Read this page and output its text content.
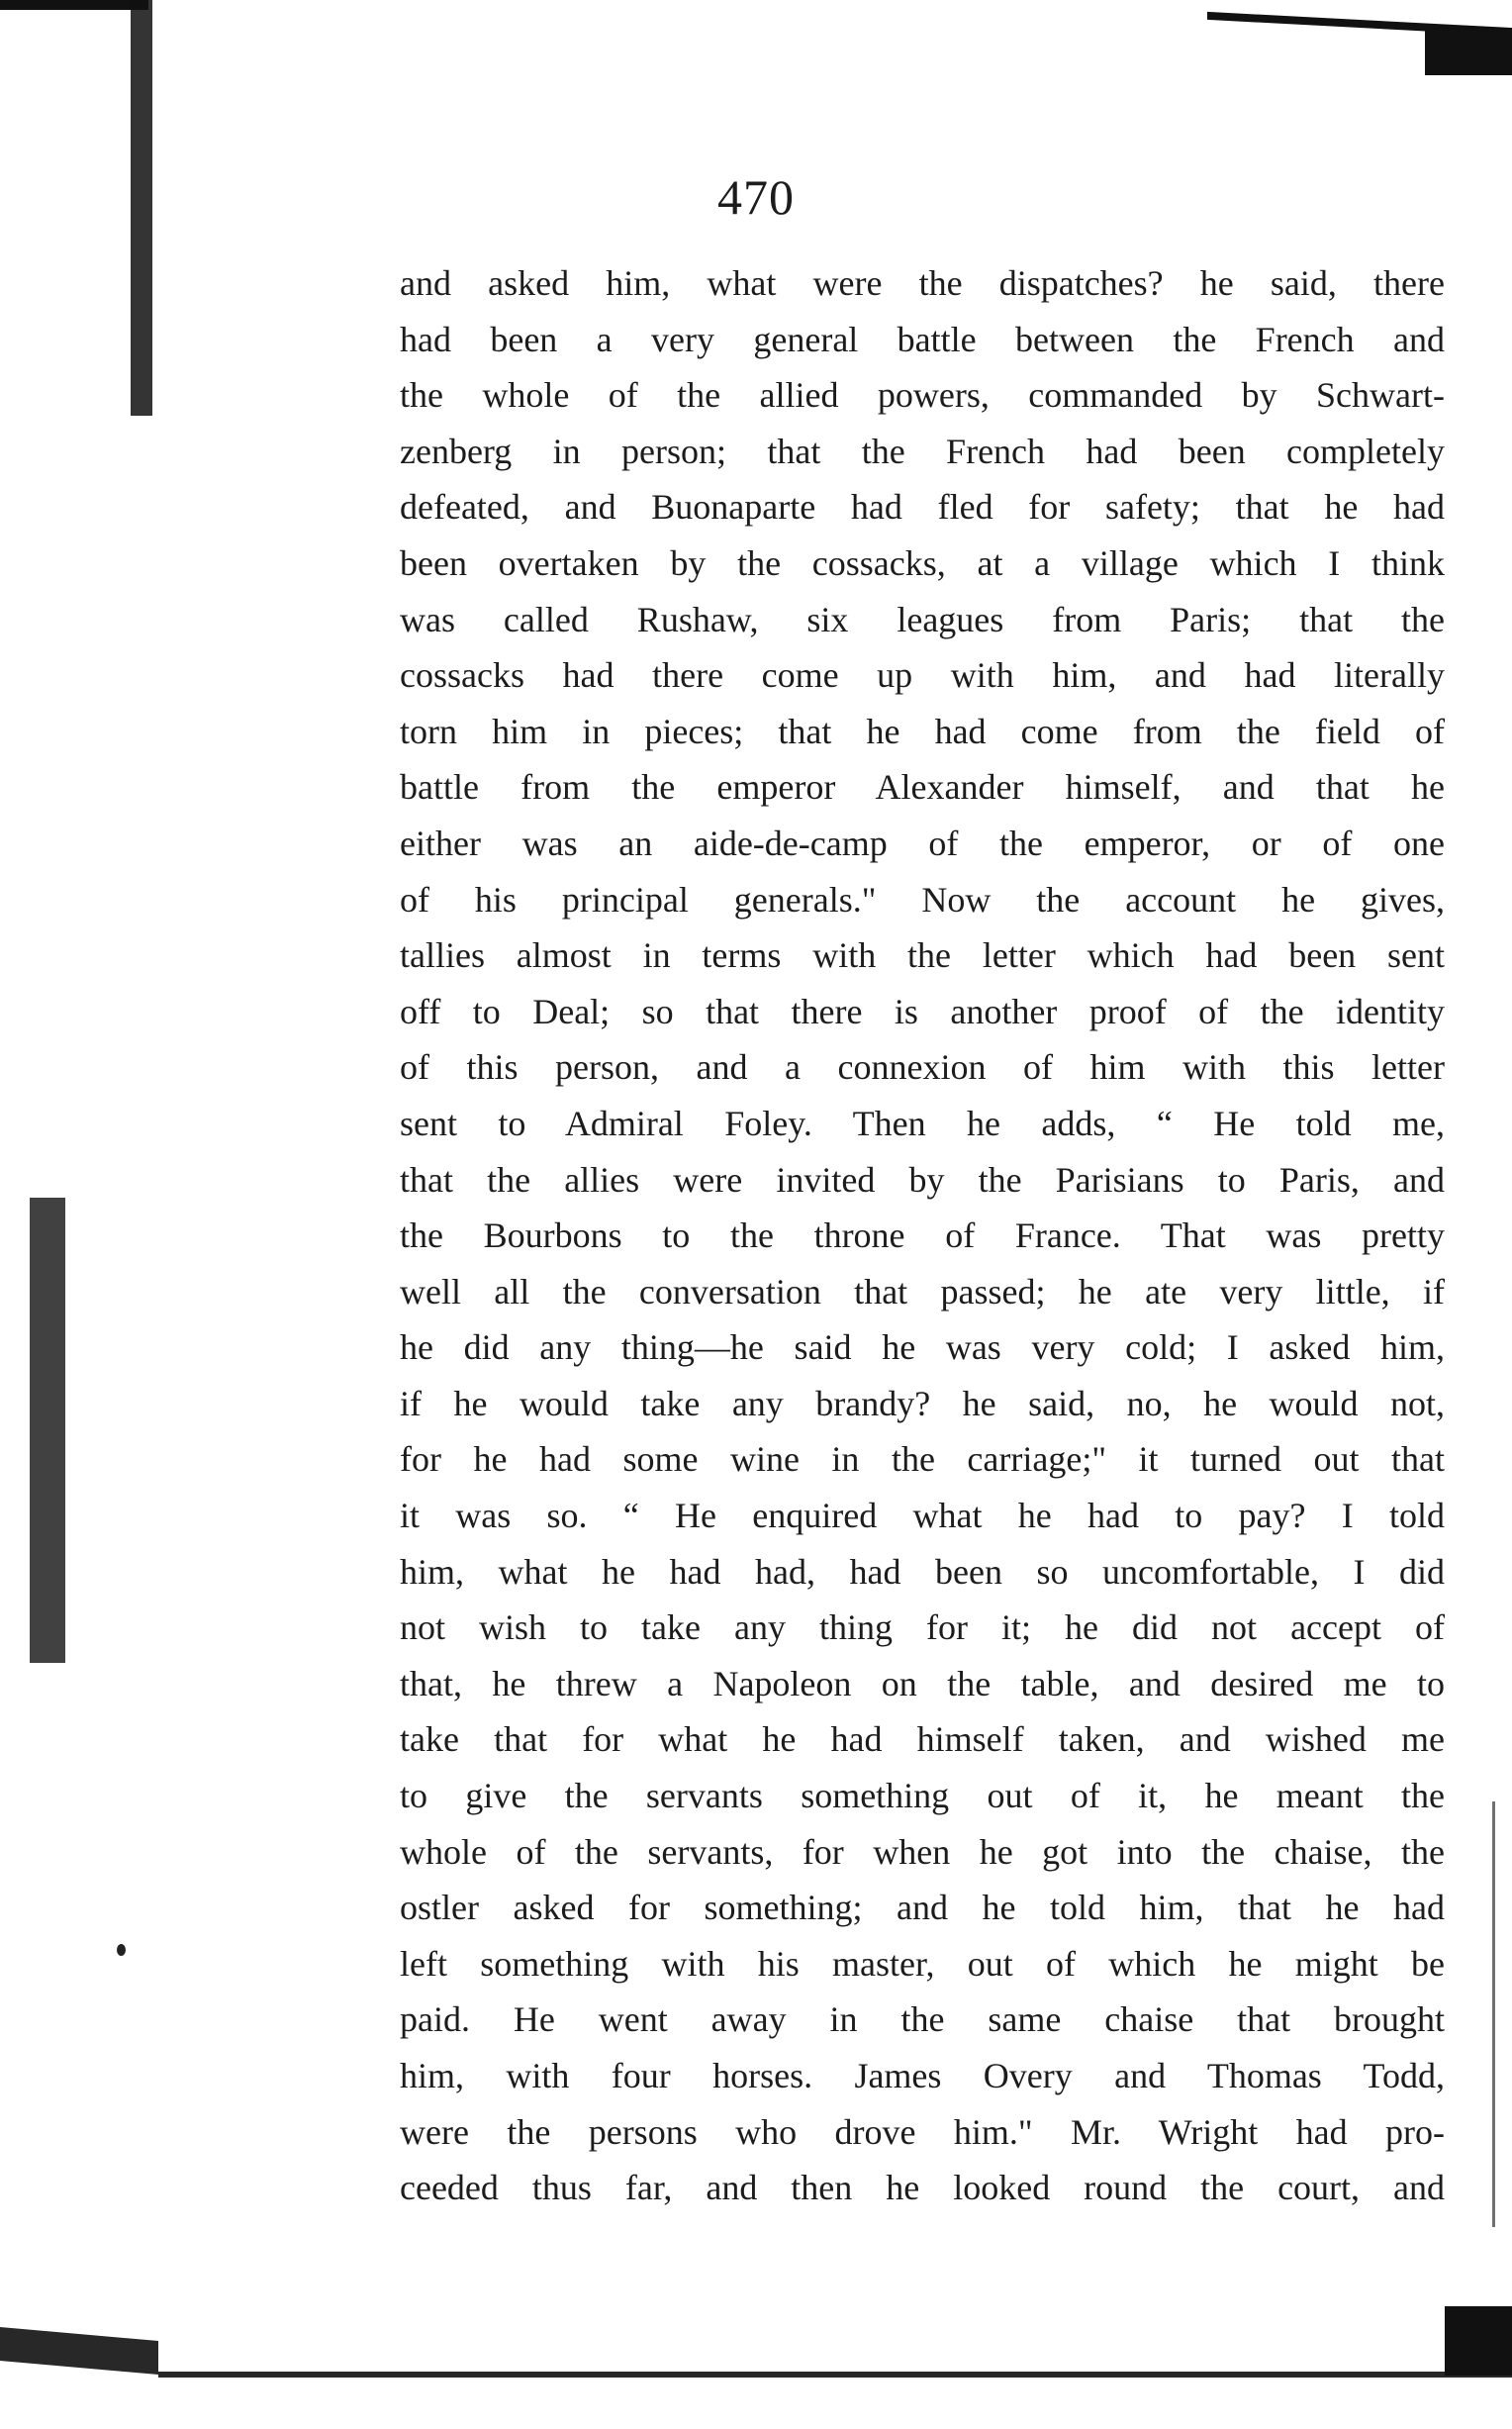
470
and asked him, what were the dispatches? he said, there
had been a very general battle between the French and
the whole of the allied powers, commanded by Schwart-
zenberg in person; that the French had been completely
defeated, and Buonaparte had fled for safety; that he had
been overtaken by the cossacks, at a village which I think
was called Rushaw, six leagues from Paris; that the
cossacks had there come up with him, and had literally
torn him in pieces; that he had come from the field of
battle from the emperor Alexander himself, and that he
either was an aide-de-camp of the emperor, or of one
of his principal generals." Now the account he gives,
tallies almost in terms with the letter which had been sent
off to Deal; so that there is another proof of the identity
of this person, and a connexion of him with this letter
sent to Admiral Foley. Then he adds, “ He told me,
that the allies were invited by the Parisians to Paris, and
the Bourbons to the throne of France. That was pretty
well all the conversation that passed; he ate very little, if
he did any thing—he said he was very cold; I asked him,
if he would take any brandy? he said, no, he would not,
for he had some wine in the carriage;" it turned out that
it was so. “ He enquired what he had to pay? I told
him, what he had had, had been so uncomfortable, I did
not wish to take any thing for it; he did not accept of
that, he threw a Napoleon on the table, and desired me to
take that for what he had himself taken, and wished me
to give the servants something out of it, he meant the
whole of the servants, for when he got into the chaise, the
ostler asked for something; and he told him, that he had
left something with his master, out of which he might be
paid. He went away in the same chaise that brought
him, with four horses. James Overy and Thomas Todd,
were the persons who drove him." Mr. Wright had pro-
ceeded thus far, and then he looked round the court, and
